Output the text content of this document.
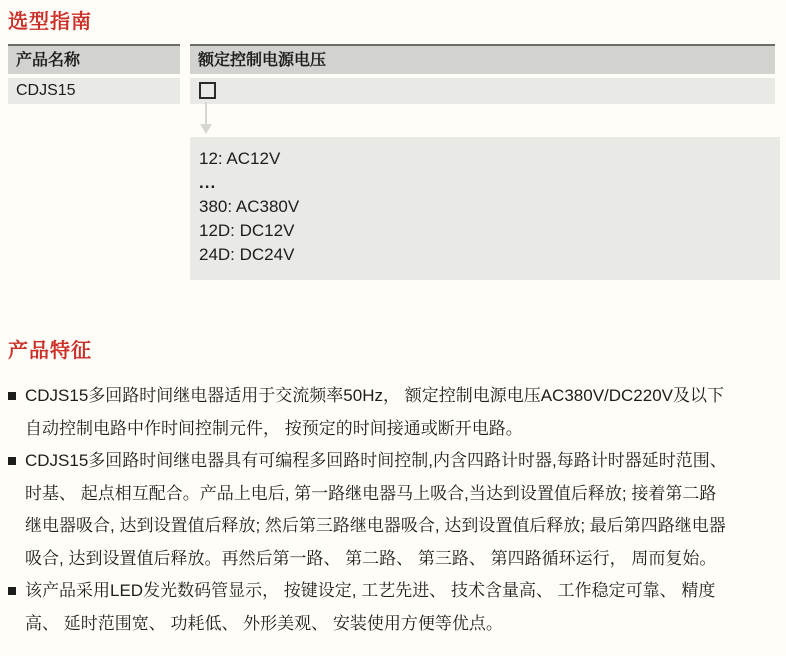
选型指南
产品名称	额定控制电源电压
CDJS15
12: AC12V
...
380: AC380V
12D: DC12V
24D: DC24V
产品特征
CDJS15多回路时间继电器适用于交流频率50Hz， 额定控制电源电压AC380V/DC220V及以下
自动控制电路中作时间控制元件， 按预定的时间接通或断开电路。
CDJS15多回路时间继电器具有可编程多回路时间控制,内含四路计时器,每路计时器延时范围、
时基、 起点相互配合。产品上电后, 第一路继电器马上吸合,当达到设置值后释放; 接着第二路
继电器吸合, 达到设置值后释放; 然后第三路继电器吸合, 达到设置值后释放; 最后第四路继电器
吸合, 达到设置值后释放。再然后第一路、 第二路、 第三路、 第四路循环运行， 周而复始。
该产品采用LED发光数码管显示， 按键设定, 工艺先进、 技术含量高、 工作稳定可靠、 精度
高、 延时范围宽、 功耗低、 外形美观、 安装使用方便等优点。
